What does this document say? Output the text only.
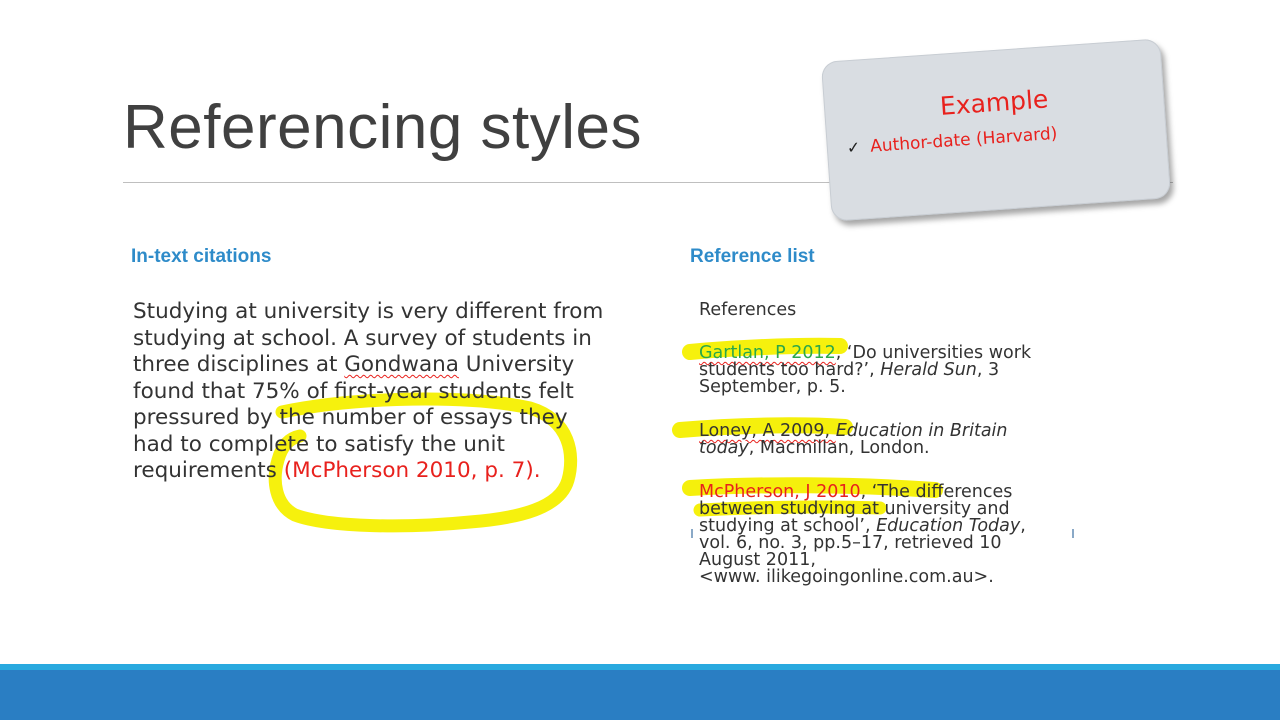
Referencing styles	Example
✓ Author-date (Harvard)
In-text citations	Reference list

Studying at university is very different from

studying at school. A survey of students in

three disciplines at Gondwana University

found that 75% of first-year students felt

pressured by the number of essays they

had to complete to satisfy the unit

requirements (McPherson 2010, p. 7).

References

Gartlan, P 2012, ‘Do universities work

students too hard?’, Herald Sun, 3

September, p. 5.

Loney, A 2009, Education in Britain

today, Macmillan, London.

McPherson, J 2010, ‘The differences

between studying at university and

studying at school’, Education Today,

vol. 6, no. 3, pp.5–17, retrieved 10

August 2011,

<www. ilikegoingonline.com.au>.
